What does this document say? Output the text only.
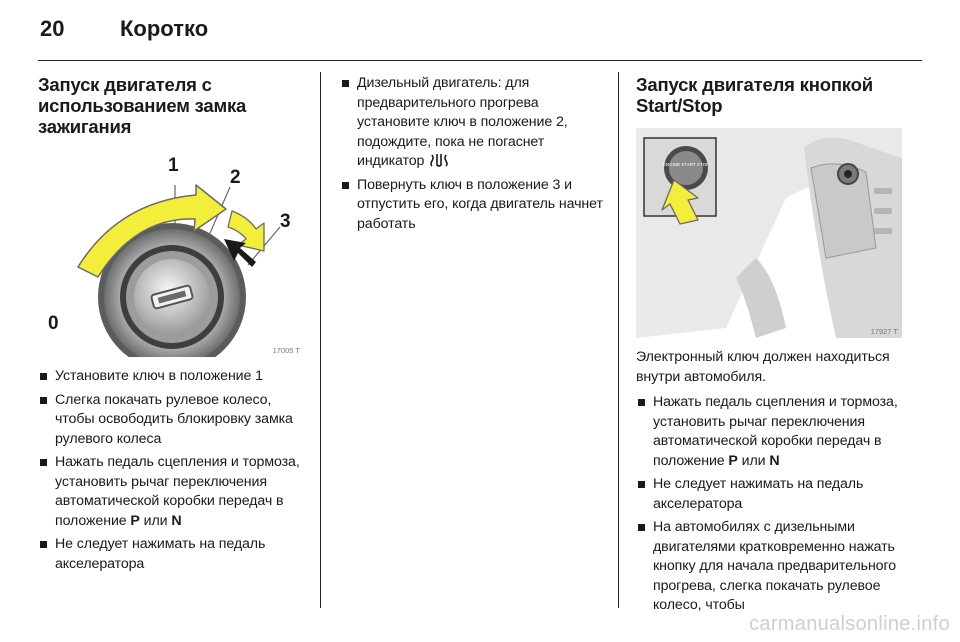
20	Коротко
Запуск двигателя с использованием замка зажигания
1
2
3
0
17005 T
Установите ключ в положение 1
Слегка покачать рулевое колесо, чтобы освободить блокировку замка рулевого колеса
Нажать педаль сцепления и тормоза, установить рычаг переключения автоматической коробки передач в положение P или N
Не следует нажимать на педаль акселератора
Дизельный двигатель: для предварительного прогрева установите ключ в положение 2, подождите, пока не погаснет индикатор
Повернуть ключ в положение 3 и отпустить его, когда двигатель начнет работать
Запуск двигателя кнопкой Start/Stop
ENGINE START STOP
17927 T

Электронный ключ должен находиться внутри автомобиля.

Нажать педаль сцепления и тормоза, установить рычаг переключения автоматической коробки передач в положение P или N
Не следует нажимать на педаль акселератора
На автомобилях с дизельными двигателями кратковременно нажать кнопку для начала предварительного прогрева, слегка покачать рулевое колесо, чтобы
carmanualsonline.info
